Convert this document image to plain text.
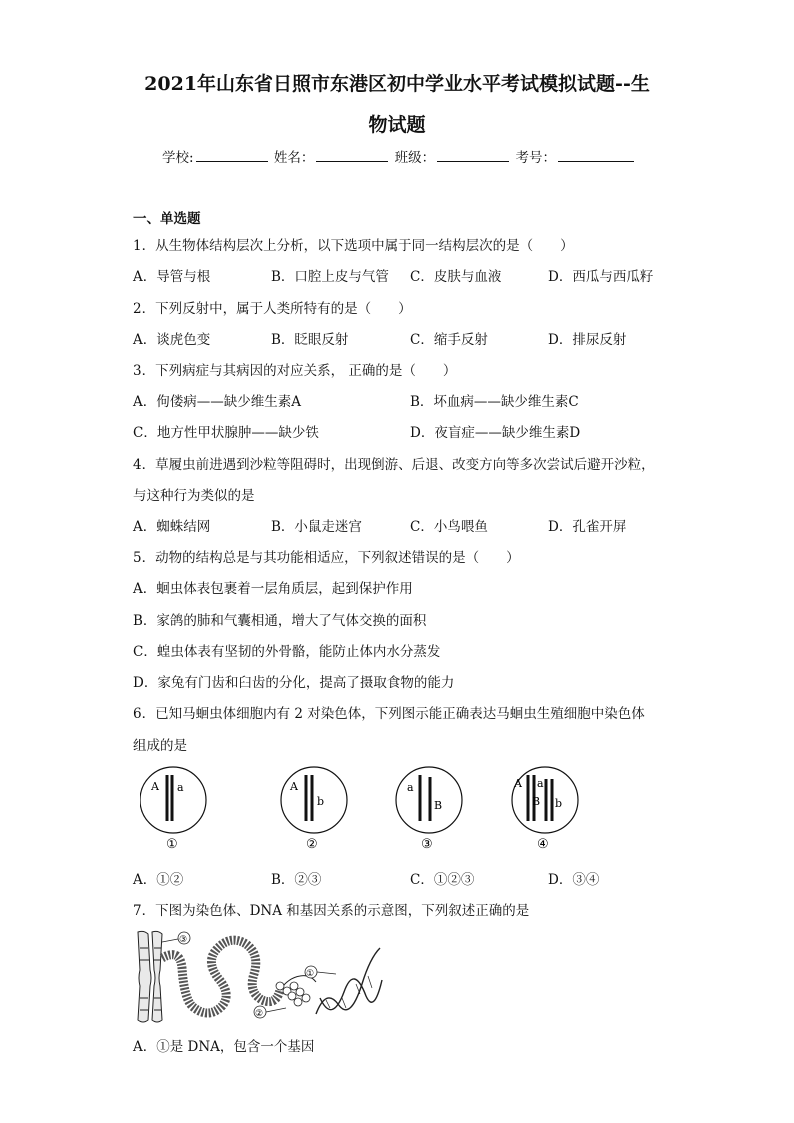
2021年山东省日照市东港区初中学业水平考试模拟试题--生
物试题
学校:	姓名：	班级：	考号：
一、单选题
1．从生物体结构层次上分析，以下选项中属于同一结构层次的是（　　）
A．导管与根	B．口腔上皮与气管 C．皮肤与血液	D．西瓜与西瓜籽
2．下列反射中，属于人类所特有的是（　　）
A．谈虎色变	B．眨眼反射	C．缩手反射	D．排尿反射
3．下列病症与其病因的对应关系， 正确的是（　　）
A．佝偻病——缺少维生素A	B．坏血病——缺少维生素C
C．地方性甲状腺肿——缺少铁	D．夜盲症——缺少维生素D
4．草履虫前进遇到沙粒等阻碍时，出现倒游、后退、改变方向等多次尝试后避开沙粒，
与这种行为类似的是
A．蜘蛛结网	B．小鼠走迷宫	C．小鸟喂鱼	D．孔雀开屏
5．动物的结构总是与其功能相适应，下列叙述错误的是（　　）
A．蛔虫体表包裹着一层角质层，起到保护作用
B．家鸽的肺和气囊相通，增大了气体交换的面积
C．蝗虫体表有坚韧的外骨骼，能防止体内水分蒸发
D．家兔有门齿和臼齿的分化，提高了摄取食物的能力
6．已知马蛔虫体细胞内有 2 对染色体，下列图示能正确表达马蛔虫生殖细胞中染色体
组成的是
A a
①
A
b
②
a
B
③
A a
B b
④
A．①②	B．②③	C．①②③	D．③④
7．下图为染色体、DNA 和基因关系的示意图，下列叙述正确的是
③
①
②
A．①是 DNA，包含一个基因
